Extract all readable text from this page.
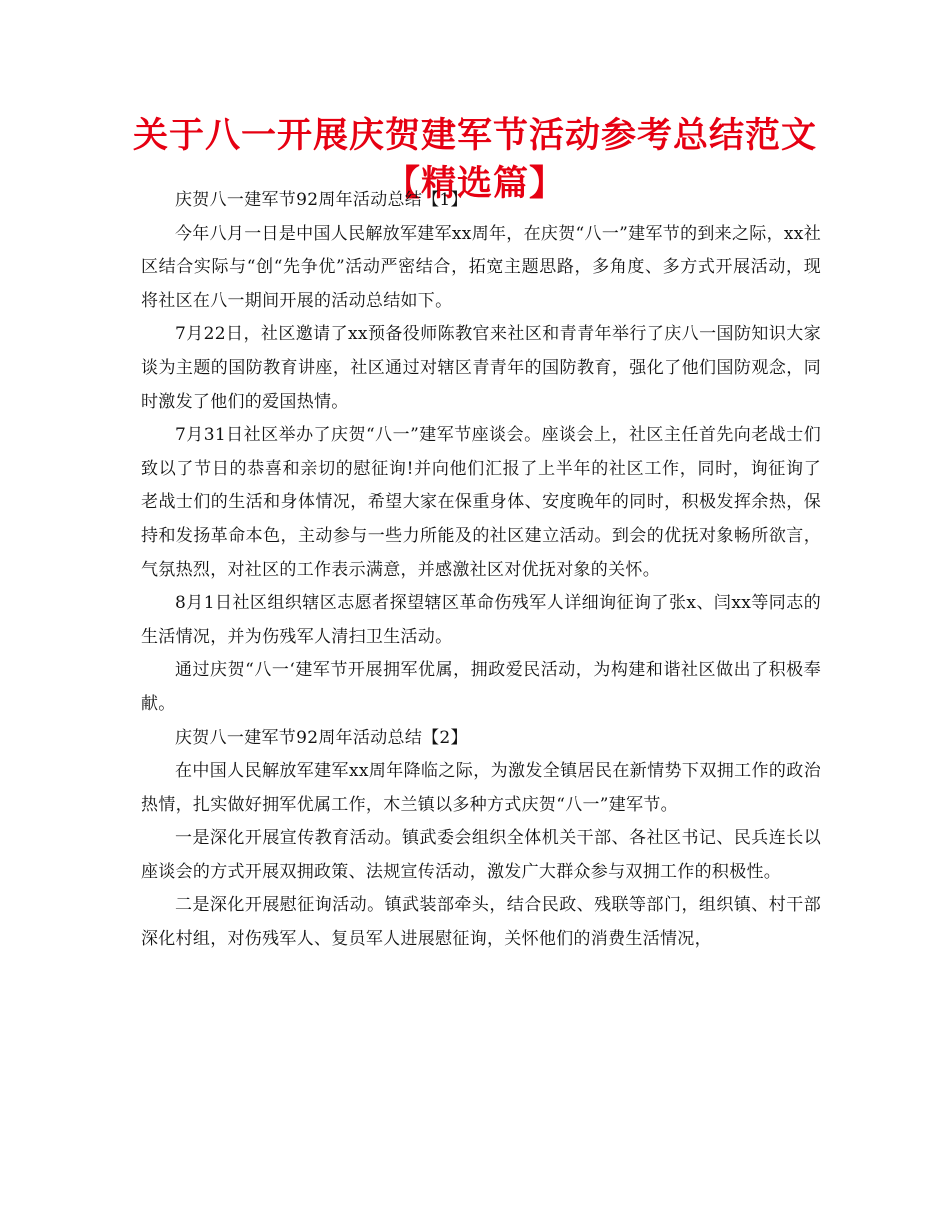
关于八一开展庆贺建军节活动参考总结范文【精选篇】

庆贺八一建军节92周年活动总结【1】

今年八月一日是中国人民解放军建军xx周年，在庆贺“八一”建军节的到来之际，xx社区结合实际与“创“先争优”活动严密结合，拓宽主题思路，多角度、多方式开展活动，现将社区在八一期间开展的活动总结如下。

7月22日，社区邀请了xx预备役师陈教官来社区和青青年举行了庆八一国防知识大家谈为主题的国防教育讲座，社区通过对辖区青青年的国防教育，强化了他们国防观念，同时激发了他们的爱国热情。

7月31日社区举办了庆贺“八一”建军节座谈会。座谈会上，社区主任首先向老战士们致以了节日的恭喜和亲切的慰征询!并向他们汇报了上半年的社区工作，同时，询征询了老战士们的生活和身体情况，希望大家在保重身体、安度晚年的同时，积极发挥余热，保持和发扬革命本色，主动参与一些力所能及的社区建立活动。到会的优抚对象畅所欲言，气氛热烈，对社区的工作表示满意，并感激社区对优抚对象的关怀。

8月1日社区组织辖区志愿者探望辖区革命伤残军人详细询征询了张x、闫xx等同志的生活情况，并为伤残军人清扫卫生活动。

通过庆贺“八一‘建军节开展拥军优属，拥政爱民活动，为构建和谐社区做出了积极奉献。

庆贺八一建军节92周年活动总结【2】

在中国人民解放军建军xx周年降临之际，为激发全镇居民在新情势下双拥工作的政治热情，扎实做好拥军优属工作，木兰镇以多种方式庆贺“八一”建军节。

一是深化开展宣传教育活动。镇武委会组织全体机关干部、各社区书记、民兵连长以座谈会的方式开展双拥政策、法规宣传活动，激发广大群众参与双拥工作的积极性。

二是深化开展慰征询活动。镇武装部牵头，结合民政、残联等部门，组织镇、村干部深化村组，对伤残军人、复员军人进展慰征询，关怀他们的消费生活情况，
